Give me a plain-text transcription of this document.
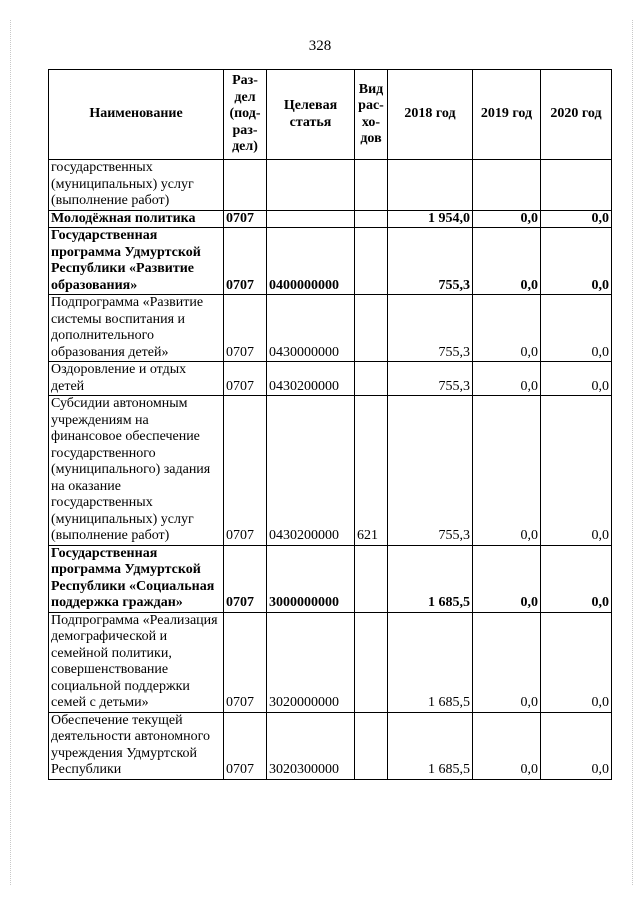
328
Наименование	Раз-дел (под-раз-дел)	Целевая статья	Вид рас-хо-дов	2018 год	2019 год	2020 год
государственных (муниципальных) услуг (выполнение работ)						
Молодёжная политика	0707			1 954,0	0,0	0,0
Государственная программа Удмуртской Республики «Развитие образования»	0707	0400000000		755,3	0,0	0,0
Подпрограмма «Развитие системы воспитания и дополнительного образования детей»	0707	0430000000		755,3	0,0	0,0
Оздоровление и отдых детей	0707	0430200000		755,3	0,0	0,0
Субсидии автономным учреждениям на финансовое обеспечение государственного (муниципального) задания на оказание государственных (муниципальных) услуг (выполнение работ)	0707	0430200000	621	755,3	0,0	0,0
Государственная программа Удмуртской Республики «Социальная поддержка граждан»	0707	3000000000		1 685,5	0,0	0,0
Подпрограмма «Реализация демографической и семейной политики, совершенствование социальной поддержки семей с детьми»	0707	3020000000		1 685,5	0,0	0,0
Обеспечение текущей деятельности автономного учреждения Удмуртской Республики	0707	3020300000		1 685,5	0,0	0,0
